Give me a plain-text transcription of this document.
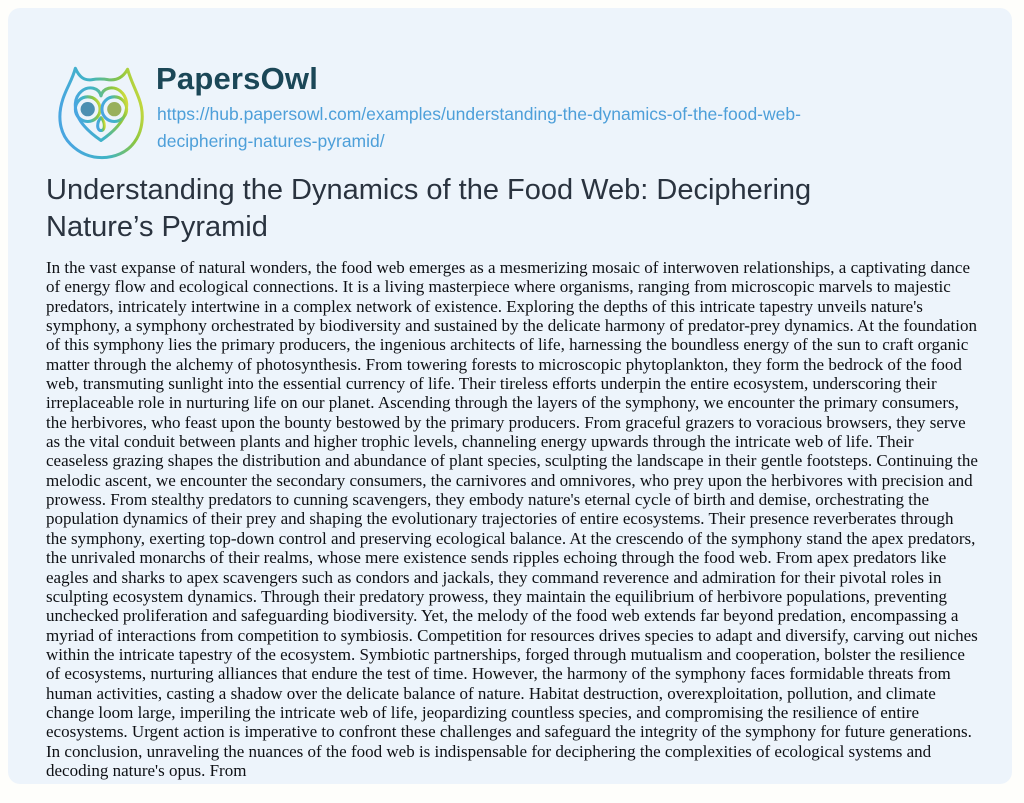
PapersOwl
https://hub.papersowl.com/examples/understanding-the-dynamics-of-the-food-web-deciphering-natures-pyramid/
Understanding the Dynamics of the Food Web: Deciphering Nature’s Pyramid

In the vast expanse of natural wonders, the food web emerges as a mesmerizing mosaic of interwoven relationships, a captivating dance of energy flow and ecological connections. It is a living masterpiece where organisms, ranging from microscopic marvels to majestic predators, intricately intertwine in a complex network of existence. Exploring the depths of this intricate tapestry unveils nature's symphony, a symphony orchestrated by biodiversity and sustained by the delicate harmony of predator-prey dynamics. At the foundation of this symphony lies the primary producers, the ingenious architects of life, harnessing the boundless energy of the sun to craft organic matter through the alchemy of photosynthesis. From towering forests to microscopic phytoplankton, they form the bedrock of the food web, transmuting sunlight into the essential currency of life. Their tireless efforts underpin the entire ecosystem, underscoring their irreplaceable role in nurturing life on our planet. Ascending through the layers of the symphony, we encounter the primary consumers, the herbivores, who feast upon the bounty bestowed by the primary producers. From graceful grazers to voracious browsers, they serve as the vital conduit between plants and higher trophic levels, channeling energy upwards through the intricate web of life. Their ceaseless grazing shapes the distribution and abundance of plant species, sculpting the landscape in their gentle footsteps. Continuing the melodic ascent, we encounter the secondary consumers, the carnivores and omnivores, who prey upon the herbivores with precision and prowess. From stealthy predators to cunning scavengers, they embody nature's eternal cycle of birth and demise, orchestrating the population dynamics of their prey and shaping the evolutionary trajectories of entire ecosystems. Their presence reverberates through the symphony, exerting top-down control and preserving ecological balance. At the crescendo of the symphony stand the apex predators, the unrivaled monarchs of their realms, whose mere existence sends ripples echoing through the food web. From apex predators like eagles and sharks to apex scavengers such as condors and jackals, they command reverence and admiration for their pivotal roles in sculpting ecosystem dynamics. Through their predatory prowess, they maintain the equilibrium of herbivore populations, preventing unchecked proliferation and safeguarding biodiversity. Yet, the melody of the food web extends far beyond predation, encompassing a myriad of interactions from competition to symbiosis. Competition for resources drives species to adapt and diversify, carving out niches within the intricate tapestry of the ecosystem. Symbiotic partnerships, forged through mutualism and cooperation, bolster the resilience of ecosystems, nurturing alliances that endure the test of time. However, the harmony of the symphony faces formidable threats from human activities, casting a shadow over the delicate balance of nature. Habitat destruction, overexploitation, pollution, and climate change loom large, imperiling the intricate web of life, jeopardizing countless species, and compromising the resilience of entire ecosystems. Urgent action is imperative to confront these challenges and safeguard the integrity of the symphony for future generations. In conclusion, unraveling the nuances of the food web is indispensable for deciphering the complexities of ecological systems and decoding nature's opus. From
